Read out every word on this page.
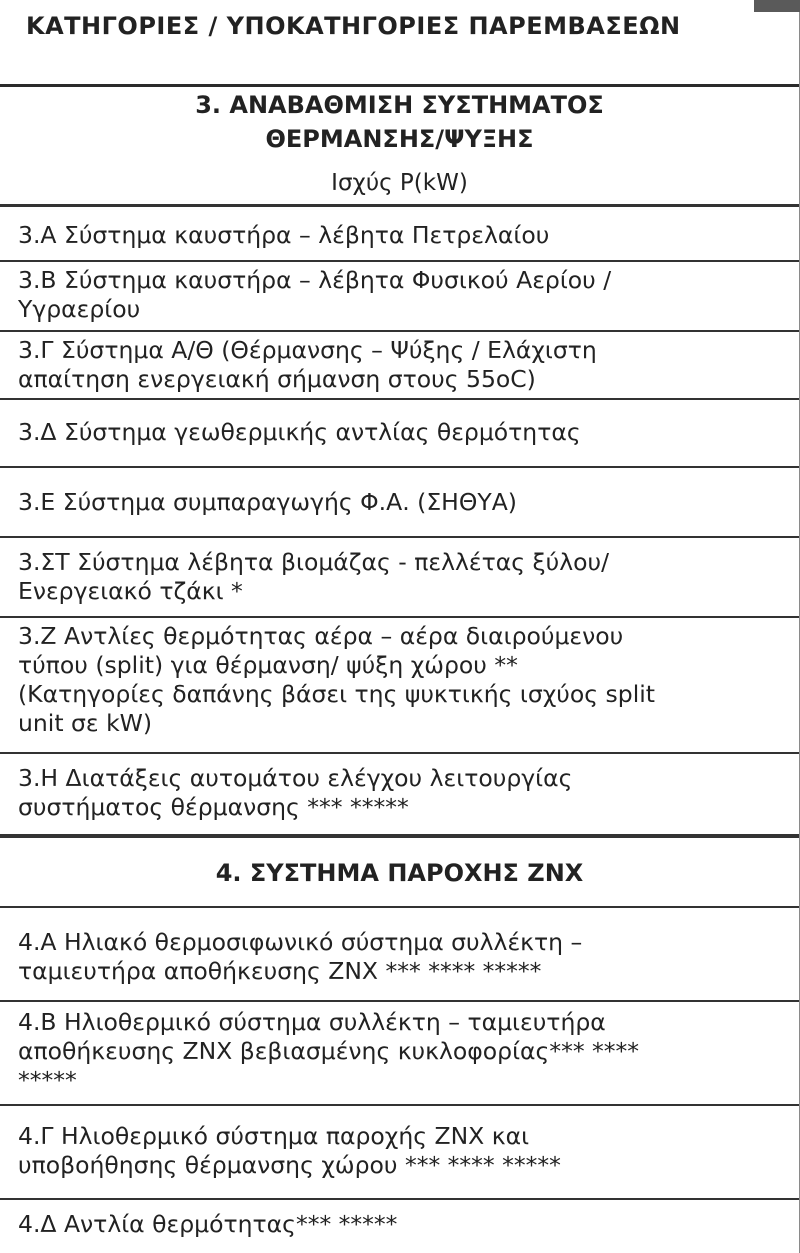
ΚΑΤΗΓΟΡΙΕΣ / ΥΠΟΚΑΤΗΓΟΡΙΕΣ ΠΑΡΕΜΒΑΣΕΩΝ
3. ΑΝΑΒΑΘΜΙΣΗ ΣΥΣΤΗΜΑΤΟΣ
ΘΕΡΜΑΝΣΗΣ/ΨΥΞΗΣ
Ισχύς P(kW)
3.Α Σύστημα καυστήρα – λέβητα Πετρελαίου
3.Β Σύστημα καυστήρα – λέβητα Φυσικού Αερίου /
Υγραερίου
3.Γ Σύστημα Α/Θ (Θέρμανσης – Ψύξης / Ελάχιστη
απαίτηση ενεργειακή σήμανση στους 55oC)
3.Δ Σύστημα γεωθερμικής αντλίας θερμότητας
3.Ε Σύστημα συμπαραγωγής Φ.Α. (ΣΗΘΥΑ)
3.ΣΤ Σύστημα λέβητα βιομάζας - πελλέτας ξύλου/
Ενεργειακό τζάκι *
3.Ζ Αντλίες θερμότητας αέρα – αέρα διαιρούμενου
τύπου (split) για θέρμανση/ ψύξη χώρου **
(Κατηγορίες δαπάνης βάσει της ψυκτικής ισχύος split
unit σε kW)
3.Η Διατάξεις αυτομάτου ελέγχου λειτουργίας
συστήματος θέρμανσης *** *****
4. ΣΥΣΤΗΜΑ ΠΑΡΟΧΗΣ ΖΝΧ
4.Α Ηλιακό θερμοσιφωνικό σύστημα συλλέκτη –
ταμιευτήρα αποθήκευσης ΖΝΧ *** **** *****
4.Β Ηλιοθερμικό σύστημα συλλέκτη – ταμιευτήρα
αποθήκευσης ΖΝΧ βεβιασμένης κυκλοφορίας*** ****
*****
4.Γ Ηλιοθερμικό σύστημα παροχής ΖΝΧ και
υποβοήθησης θέρμανσης χώρου *** **** *****
4.Δ Αντλία θερμότητας*** *****
